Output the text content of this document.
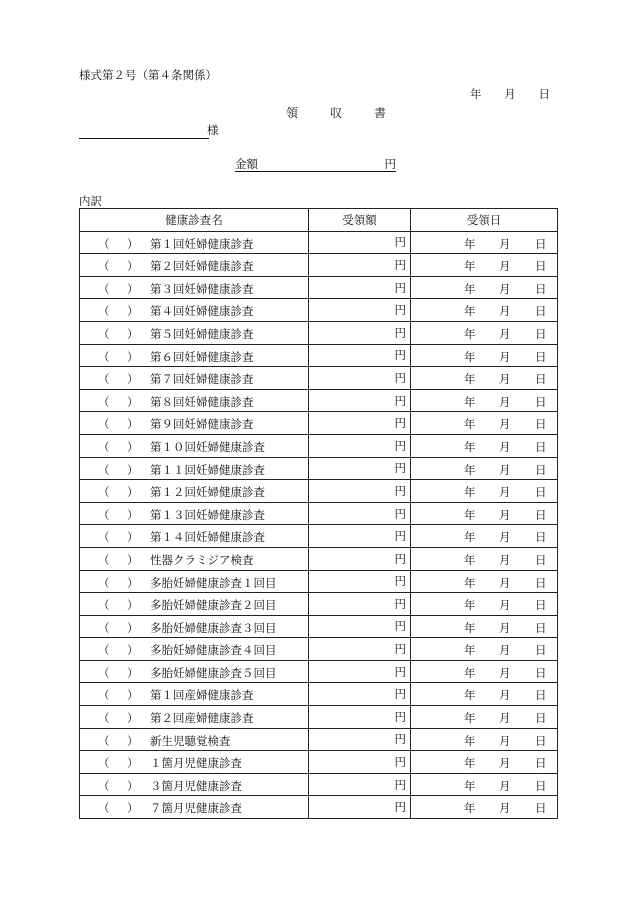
様式第２号（第４条関係）
年 月 日
領　収　書
様
金額	円
内訳
健康診査名	受領額	受領日

（ ） 第１回妊婦健康診査	円	年 月 日

（ ） 第２回妊婦健康診査	円	年 月 日

（ ） 第３回妊婦健康診査	円	年 月 日

（ ） 第４回妊婦健康診査	円	年 月 日

（ ） 第５回妊婦健康診査	円	年 月 日

（ ） 第６回妊婦健康診査	円	年 月 日

（ ） 第７回妊婦健康診査	円	年 月 日

（ ） 第８回妊婦健康診査	円	年 月 日

（ ） 第９回妊婦健康診査	円	年 月 日

（ ） 第１０回妊婦健康診査	円	年 月 日

（ ） 第１１回妊婦健康診査	円	年 月 日

（ ） 第１２回妊婦健康診査	円	年 月 日

（ ） 第１３回妊婦健康診査	円	年 月 日

（ ） 第１４回妊婦健康診査	円	年 月 日

（ ） 性器クラミジア検査	円	年 月 日

（ ） 多胎妊婦健康診査１回目	円	年 月 日

（ ） 多胎妊婦健康診査２回目	円	年 月 日

（ ） 多胎妊婦健康診査３回目	円	年 月 日

（ ） 多胎妊婦健康診査４回目	円	年 月 日

（ ） 多胎妊婦健康診査５回目	円	年 月 日

（ ） 第１回産婦健康診査	円	年 月 日

（ ） 第２回産婦健康診査	円	年 月 日

（ ） 新生児聴覚検査	円	年 月 日

（ ） １箇月児健康診査	円	年 月 日

（ ） ３箇月児健康診査	円	年 月 日

（ ） ７箇月児健康診査	円	年 月 日
